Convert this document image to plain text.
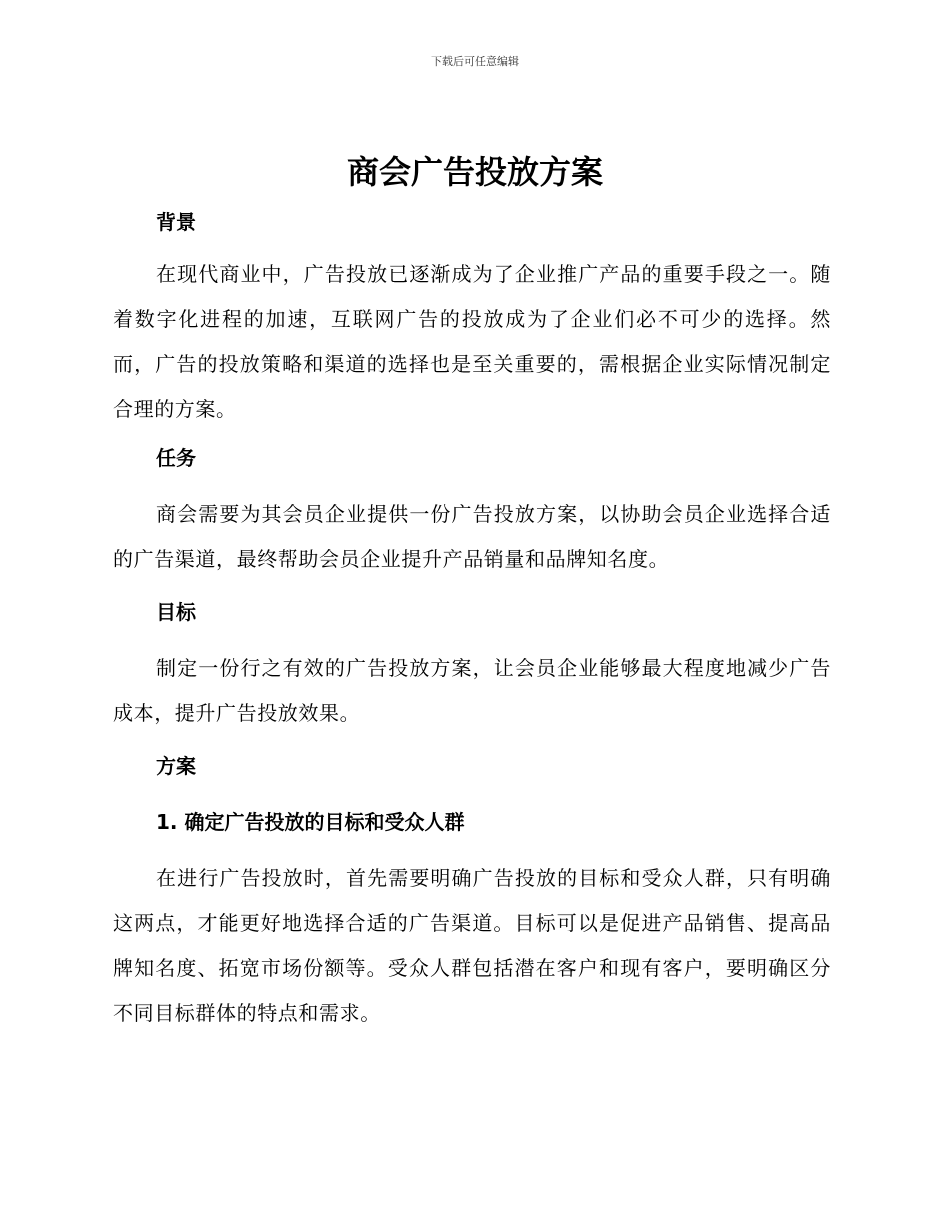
下载后可任意编辑
商会广告投放方案
背景

在现代商业中，广告投放已逐渐成为了企业推广产品的重要手段之一。随着数字化进程的加速，互联网广告的投放成为了企业们必不可少的选择。然而，广告的投放策略和渠道的选择也是至关重要的，需根据企业实际情况制定合理的方案。

任务

商会需要为其会员企业提供一份广告投放方案，以协助会员企业选择合适的广告渠道，最终帮助会员企业提升产品销量和品牌知名度。

目标

制定一份行之有效的广告投放方案，让会员企业能够最大程度地减少广告成本，提升广告投放效果。

方案
1. 确定广告投放的目标和受众人群

在进行广告投放时，首先需要明确广告投放的目标和受众人群，只有明确这两点，才能更好地选择合适的广告渠道。目标可以是促进产品销售、提高品牌知名度、拓宽市场份额等。受众人群包括潜在客户和现有客户，要明确区分不同目标群体的特点和需求。
